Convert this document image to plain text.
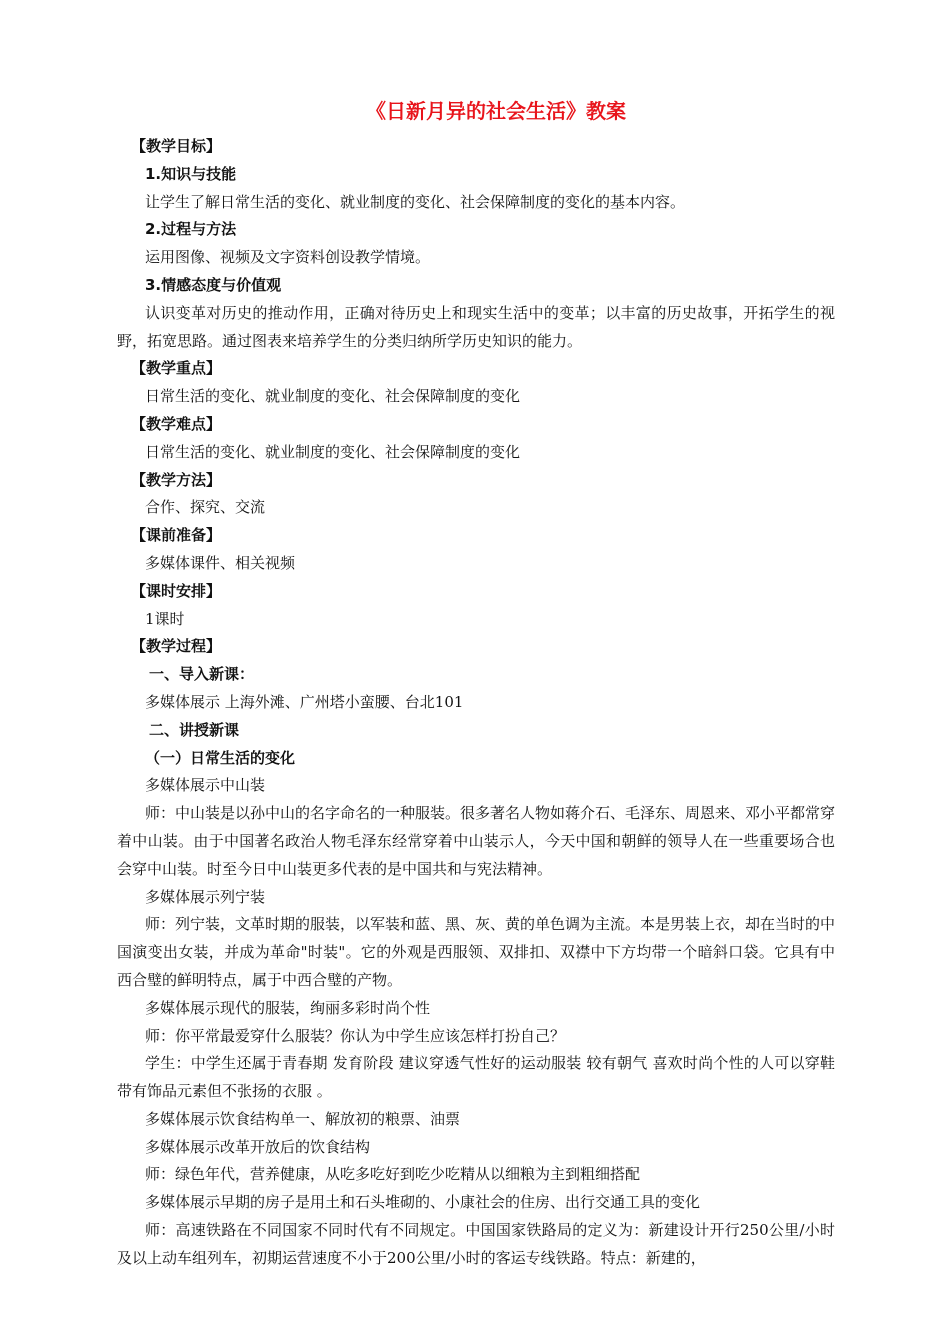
《日新月异的社会生活》教案
【教学目标】
1.知识与技能
让学生了解日常生活的变化、就业制度的变化、社会保障制度的变化的基本内容。
2.过程与方法
运用图像、视频及文字资料创设教学情境。
3.情感态度与价值观

认识变革对历史的推动作用，正确对待历史上和现实生活中的变革；以丰富的历史故事，开拓学生的视野，拓宽思路。通过图表来培养学生的分类归纳所学历史知识的能力。

【教学重点】
日常生活的变化、就业制度的变化、社会保障制度的变化
【教学难点】
日常生活的变化、就业制度的变化、社会保障制度的变化
【教学方法】
合作、探究、交流
【课前准备】
多媒体课件、相关视频
【课时安排】
1课时
【教学过程】
一、导入新课：
多媒体展示 上海外滩、广州塔小蛮腰、台北101
二、讲授新课
（一）日常生活的变化

多媒体展示中山装

师：中山装是以孙中山的名字命名的一种服装。很多著名人物如蒋介石、毛泽东、周恩来、邓小平都常穿着中山装。由于中国著名政治人物毛泽东经常穿着中山装示人，今天中国和朝鲜的领导人在一些重要场合也会穿中山装。时至今日中山装更多代表的是中国共和与宪法精神。

多媒体展示列宁装

师：列宁装，文革时期的服装，以军装和蓝、黑、灰、黄的单色调为主流。本是男装上衣，却在当时的中国演变出女装，并成为革命"时装"。它的外观是西服领、双排扣、双襟中下方均带一个暗斜口袋。它具有中西合璧的鲜明特点，属于中西合璧的产物。

多媒体展示现代的服装，绚丽多彩时尚个性

师：你平常最爱穿什么服装？你认为中学生应该怎样打扮自己？

学生：中学生还属于青春期 发育阶段 建议穿透气性好的运动服装 较有朝气 喜欢时尚个性的人可以穿鞋带有饰品元素但不张扬的衣服 。

多媒体展示饮食结构单一、解放初的粮票、油票

多媒体展示改革开放后的饮食结构

师：绿色年代，营养健康，从吃多吃好到吃少吃精从以细粮为主到粗细搭配

多媒体展示早期的房子是用土和石头堆砌的、小康社会的住房、出行交通工具的变化

师：高速铁路在不同国家不同时代有不同规定。中国国家铁路局的定义为：新建设计开行250公里/小时及以上动车组列车，初期运营速度不小于200公里/小时的客运专线铁路。特点：新建的，
